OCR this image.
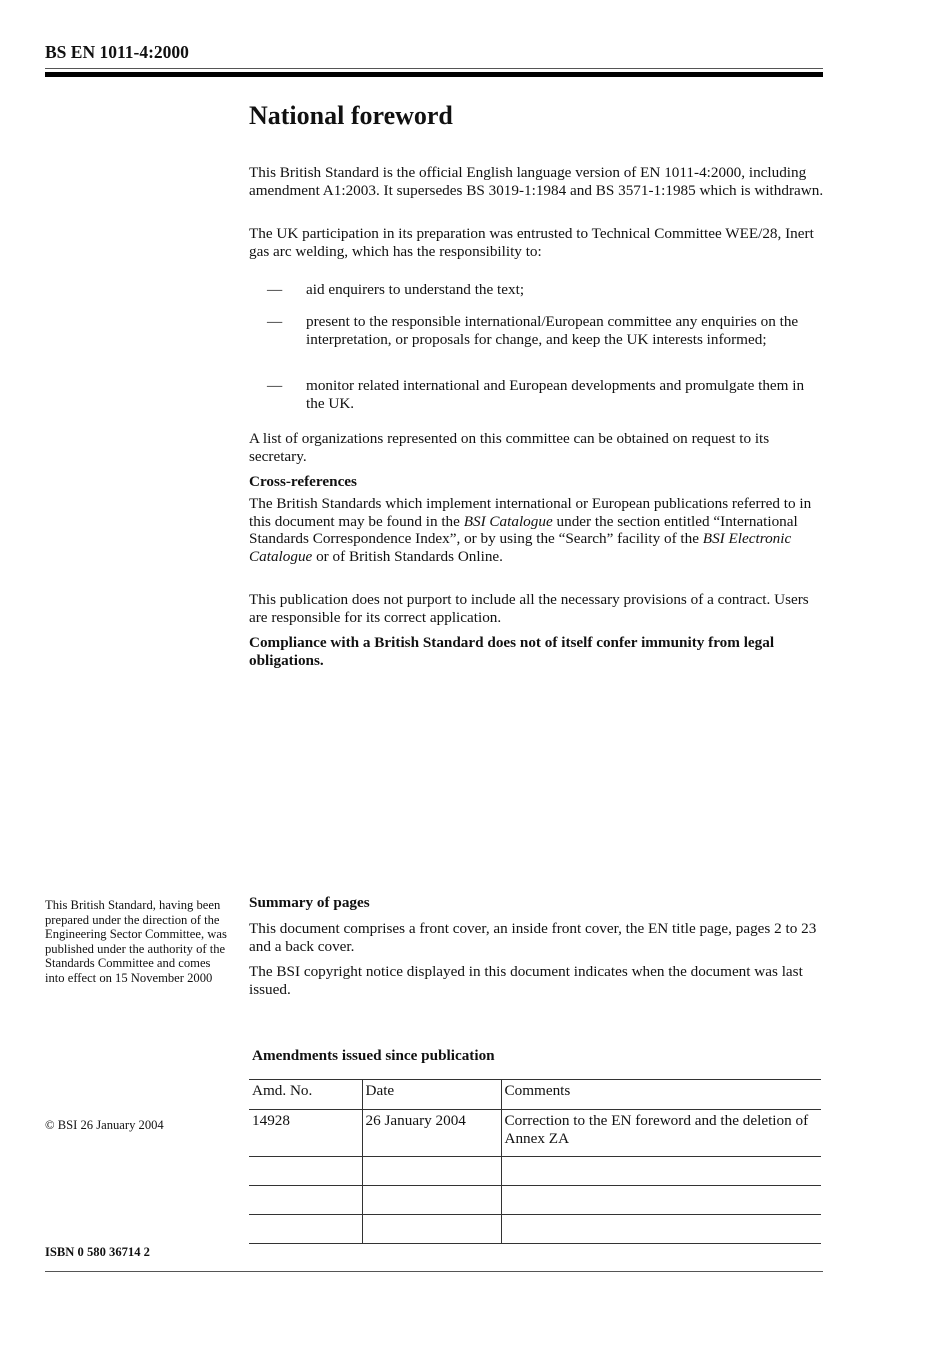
BS EN 1011-4:2000

National foreword

This British Standard is the official English language version of EN 1011-4:2000, including amendment A1:2003. It supersedes BS 3019-1:1984 and BS 3571-1:1985 which is withdrawn.

The UK participation in its preparation was entrusted to Technical Committee WEE/28, Inert gas arc welding, which has the responsibility to:

— aid enquirers to understand the text;
— present to the responsible international/European committee any enquiries on the interpretation, or proposals for change, and keep the UK interests informed;
— monitor related international and European developments and promulgate them in the UK.

A list of organizations represented on this committee can be obtained on request to its secretary.

Cross-references

The British Standards which implement international or European publications referred to in this document may be found in the BSI Catalogue under the section entitled “International Standards Correspondence Index”, or by using the “Search” facility of the BSI Electronic Catalogue or of British Standards Online.

This publication does not purport to include all the necessary provisions of a contract. Users are responsible for its correct application.

Compliance with a British Standard does not of itself confer immunity from legal obligations.
This British Standard, having been prepared under the direction of the Engineering Sector Committee, was published under the authority of the Standards Committee and comes into effect on 15 November 2000
Summary of pages

This document comprises a front cover, an inside front cover, the EN title page, pages 2 to 23 and a back cover.

The BSI copyright notice displayed in this document indicates when the document was last issued.

Amendments issued since publication

Amd. No.	Date	Comments
14928	26 January 2004	Correction to the EN foreword and the deletion of Annex ZA

© BSI 26 January 2004

ISBN 0 580 36714 2
